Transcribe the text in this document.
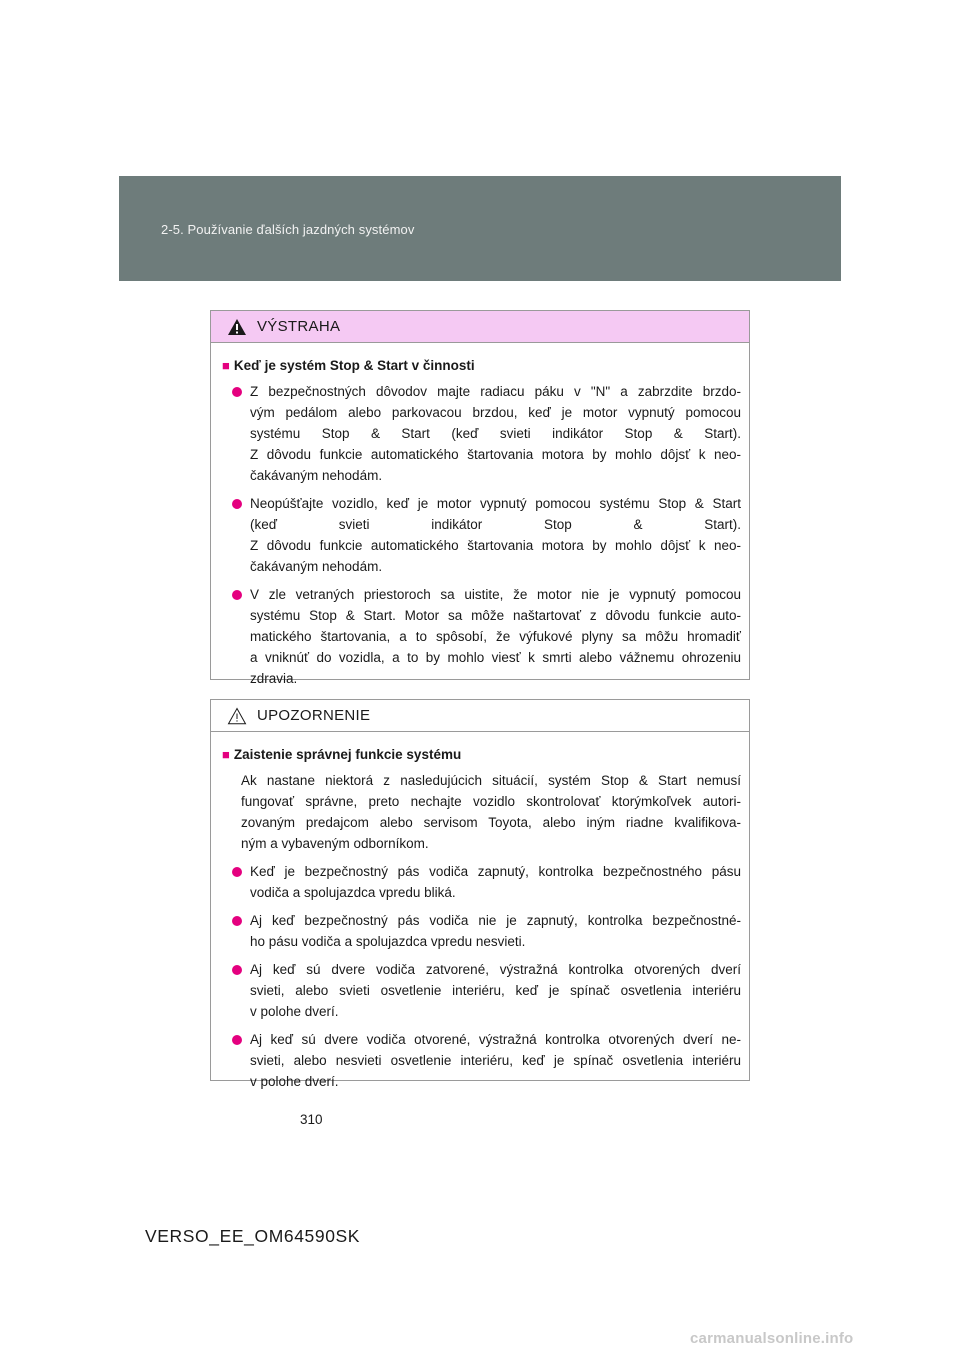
2-5. Používanie ďalších jazdných systémov
VÝSTRAHA
■ Keď je systém Stop & Start v činnosti
Z bezpečnostných dôvodov majte radiacu páku v "N" a zabrzdite brzdo-
vým pedálom alebo parkovacou brzdou, keď je motor vypnutý pomocou
systému Stop & Start (keď svieti indikátor Stop & Start).
Z dôvodu funkcie automatického štartovania motora by mohlo dôjsť k neo-
čakávaným nehodám.
Neopúšťajte vozidlo, keď je motor vypnutý pomocou systému Stop & Start
(keď svieti indikátor Stop & Start).
Z dôvodu funkcie automatického štartovania motora by mohlo dôjsť k neo-
čakávaným nehodám.
V zle vetraných priestoroch sa uistite, že motor nie je vypnutý pomocou
systému Stop & Start. Motor sa môže naštartovať z dôvodu funkcie auto-
matického štartovania, a to spôsobí, že výfukové plyny sa môžu hromadiť
a vniknúť do vozidla, a to by mohlo viesť k smrti alebo vážnemu ohrozeniu
zdravia.
UPOZORNENIE
■ Zaistenie správnej funkcie systému
Ak nastane niektorá z nasledujúcich situácií, systém Stop & Start nemusí
fungovať správne, preto nechajte vozidlo skontrolovať ktorýmkoľvek autori-
zovaným predajcom alebo servisom Toyota, alebo iným riadne kvalifikova-
ným a vybaveným odborníkom.
Keď je bezpečnostný pás vodiča zapnutý, kontrolka bezpečnostného pásu
vodiča a spolujazdca vpredu bliká.
Aj keď bezpečnostný pás vodiča nie je zapnutý, kontrolka bezpečnostné-
ho pásu vodiča a spolujazdca vpredu nesvieti.
Aj keď sú dvere vodiča zatvorené, výstražná kontrolka otvorených dverí
svieti, alebo svieti osvetlenie interiéru, keď je spínač osvetlenia interiéru
v polohe dverí.
Aj keď sú dvere vodiča otvorené, výstražná kontrolka otvorených dverí ne-
svieti, alebo nesvieti osvetlenie interiéru, keď je spínač osvetlenia interiéru
v polohe dverí.
310
VERSO_EE_OM64590SK
carmanualsonline.info
